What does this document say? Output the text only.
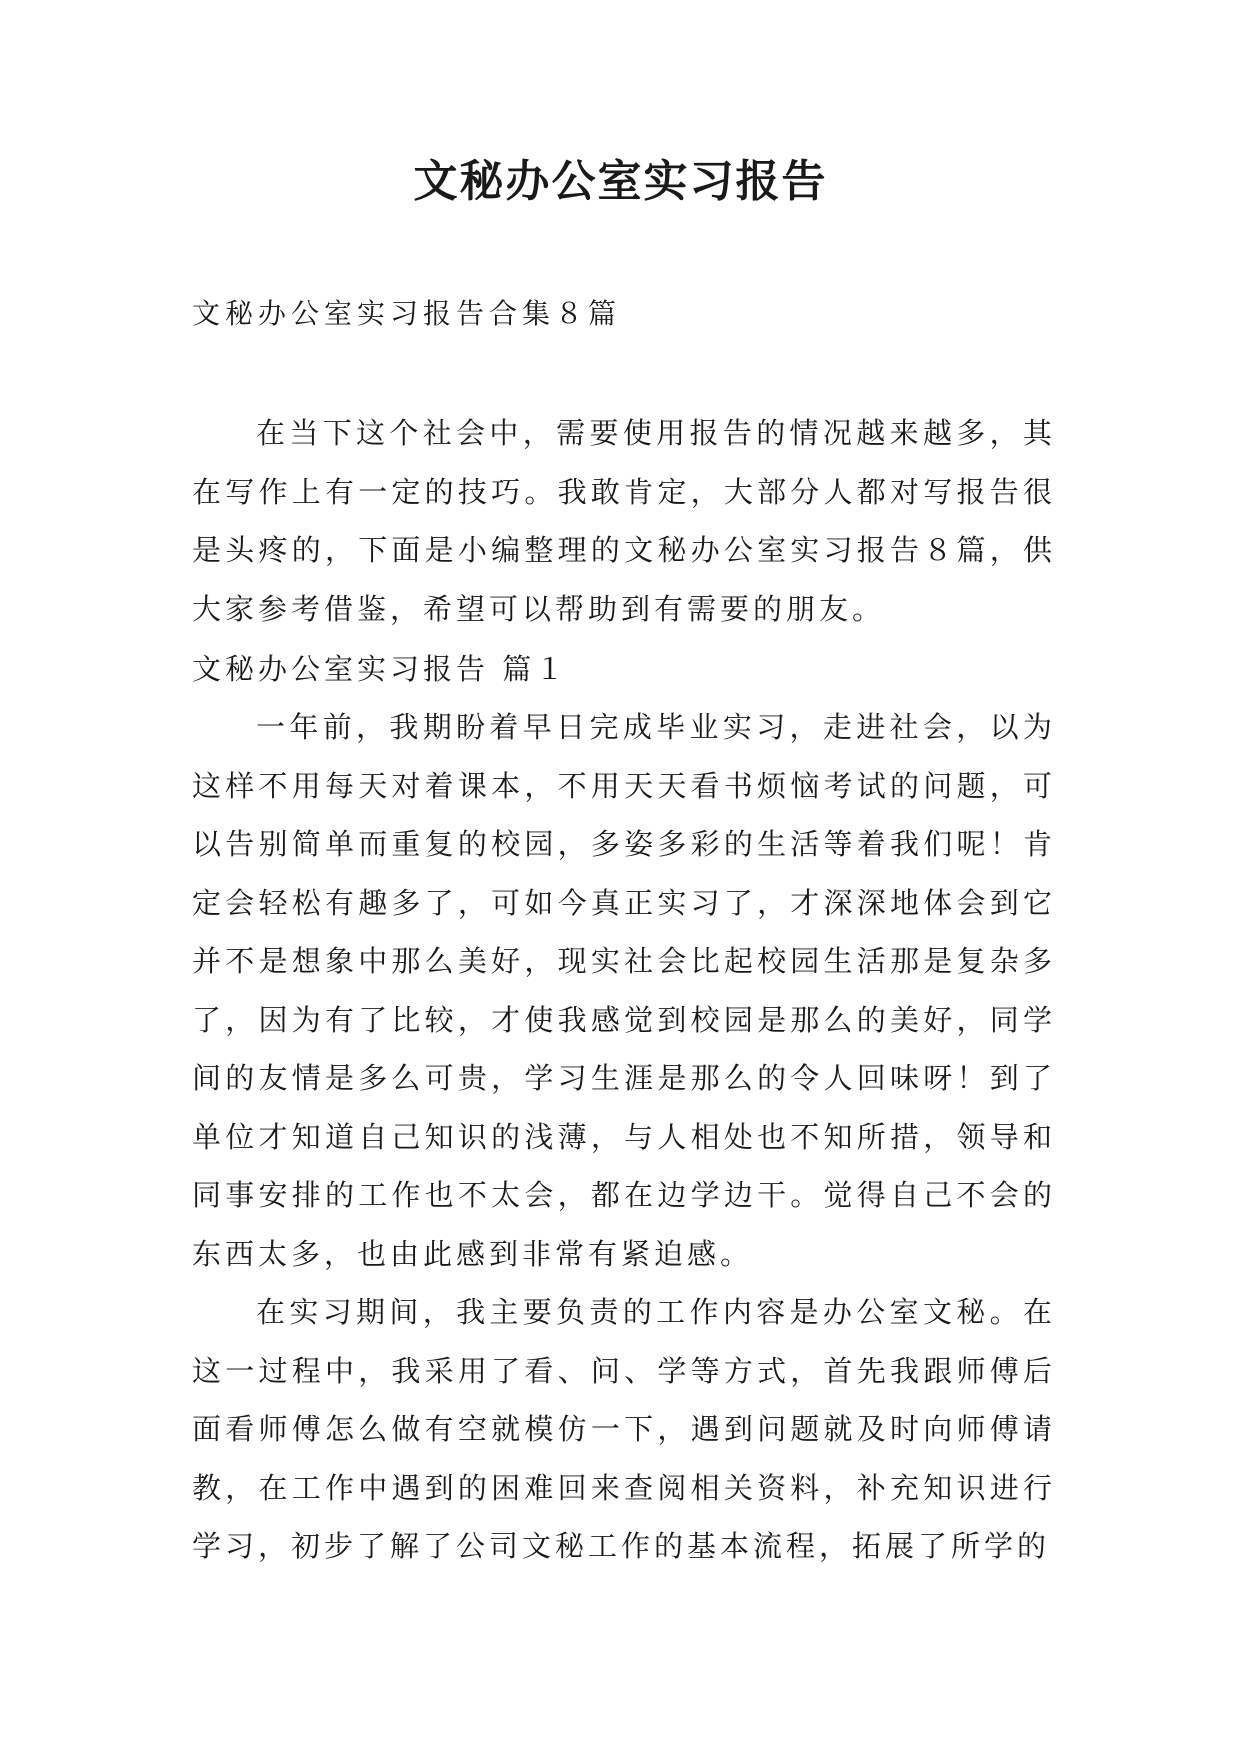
文秘办公室实习报告

文秘办公室实习报告合集８篇

在当下这个社会中，需要使用报告的情况越来越多，其在写作上有一定的技巧。我敢肯定，大部分人都对写报告很是头疼的，下面是小编整理的文秘办公室实习报告８篇，供大家参考借鉴，希望可以帮助到有需要的朋友。

文秘办公室实习报告 篇１

一年前，我期盼着早日完成毕业实习，走进社会，以为这样不用每天对着课本，不用天天看书烦恼考试的问题，可以告别简单而重复的校园，多姿多彩的生活等着我们呢！肯定会轻松有趣多了，可如今真正实习了，才深深地体会到它并不是想象中那么美好，现实社会比起校园生活那是复杂多了，因为有了比较，才使我感觉到校园是那么的美好，同学间的友情是多么可贵，学习生涯是那么的令人回味呀！到了单位才知道自己知识的浅薄，与人相处也不知所措，领导和同事安排的工作也不太会，都在边学边干。觉得自己不会的东西太多，也由此感到非常有紧迫感。

在实习期间，我主要负责的工作内容是办公室文秘。在这一过程中，我采用了看、问、学等方式，首先我跟师傅后面看师傅怎么做有空就模仿一下，遇到问题就及时向师傅请教，在工作中遇到的困难回来查阅相关资料，补充知识进行学习，初步了解了公司文秘工作的基本流程，拓展了所学的
